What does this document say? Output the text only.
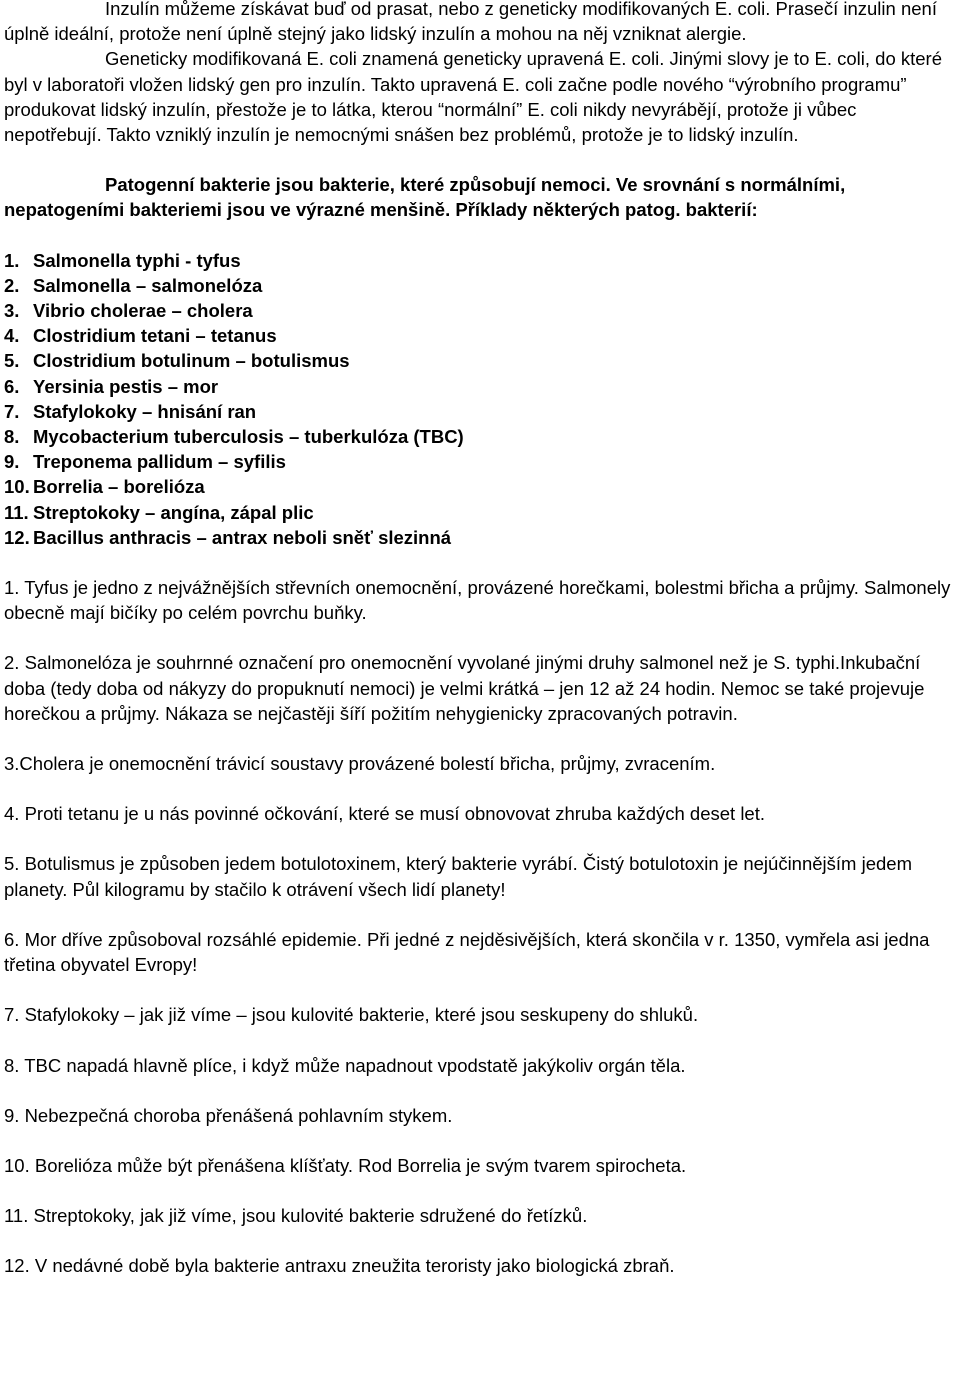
Inzulín můžeme získávat buď od prasat, nebo z geneticky modifikovaných E. coli. Prasečí inzulin není úplně ideální, protože není úplně stejný jako lidský inzulín a mohou na něj vzniknat alergie.

Geneticky modifikovaná E. coli znamená geneticky upravená E. coli. Jinými slovy je to E. coli, do které byl v laboratoři vložen lidský gen pro inzulín. Takto upravená E. coli začne podle nového “výrobního programu” produkovat lidský inzulín, přestože je to látka, kterou “normální” E. coli nikdy nevyrábějí, protože ji vůbec nepotřebují. Takto vzniklý inzulín je nemocnými snášen bez problémů, protože je to lidský inzulín.

Patogenní bakterie jsou bakterie, které způsobují nemoci. Ve srovnání s normálními, nepatogeními bakteriemi jsou ve výrazné menšině. Příklady některých patog. bakterií:

1. Salmonella typhi - tyfus
2. Salmonella – salmonelóza
3. Vibrio cholerae – cholera
4. Clostridium tetani – tetanus
5. Clostridium botulinum – botulismus
6. Yersinia pestis – mor
7. Stafylokoky – hnisání ran
8. Mycobacterium tuberculosis – tuberkulóza (TBC)
9. Treponema pallidum – syfilis
10. Borrelia – borelióza
11. Streptokoky – angína, zápal plic
12. Bacillus anthracis – antrax neboli sněť slezinná

1. Tyfus je jedno z nejvážnějších střevních onemocnění, provázené horečkami, bolestmi břicha a průjmy. Salmonely obecně mají bičíky po celém povrchu buňky.

2. Salmonelóza je souhrnné označení pro onemocnění vyvolané jinými druhy salmonel než je S. typhi.Inkubační doba (tedy doba od nákyzy do propuknutí nemoci) je velmi krátká – jen 12 až 24 hodin. Nemoc se také projevuje horečkou a průjmy. Nákaza se nejčastěji šíří požitím nehygienicky zpracovaných potravin.

3.Cholera je onemocnění trávicí soustavy provázené bolestí břicha, průjmy, zvracením.

4. Proti tetanu je u nás povinné očkování, které se musí obnovovat zhruba každých deset let.

5. Botulismus je způsoben jedem botulotoxinem, který bakterie vyrábí. Čistý botulotoxin je nejúčinnějším jedem planety. Půl kilogramu by stačilo k otrávení všech lidí planety!

6. Mor dříve způsoboval rozsáhlé epidemie. Při jedné z nejděsivějších, která skončila v r. 1350, vymřela asi jedna třetina obyvatel Evropy!

7. Stafylokoky – jak již víme – jsou kulovité bakterie, které jsou seskupeny do shluků.

8. TBC napadá hlavně plíce, i když může napadnout vpodstatě jakýkoliv orgán těla.

9. Nebezpečná choroba přenášená pohlavním stykem.

10. Borelióza může být přenášena klíšťaty. Rod Borrelia je svým tvarem spirocheta.

11. Streptokoky, jak již víme, jsou kulovité bakterie sdružené do řetízků.

12. V nedávné době byla bakterie antraxu zneužita teroristy jako biologická zbraň.
